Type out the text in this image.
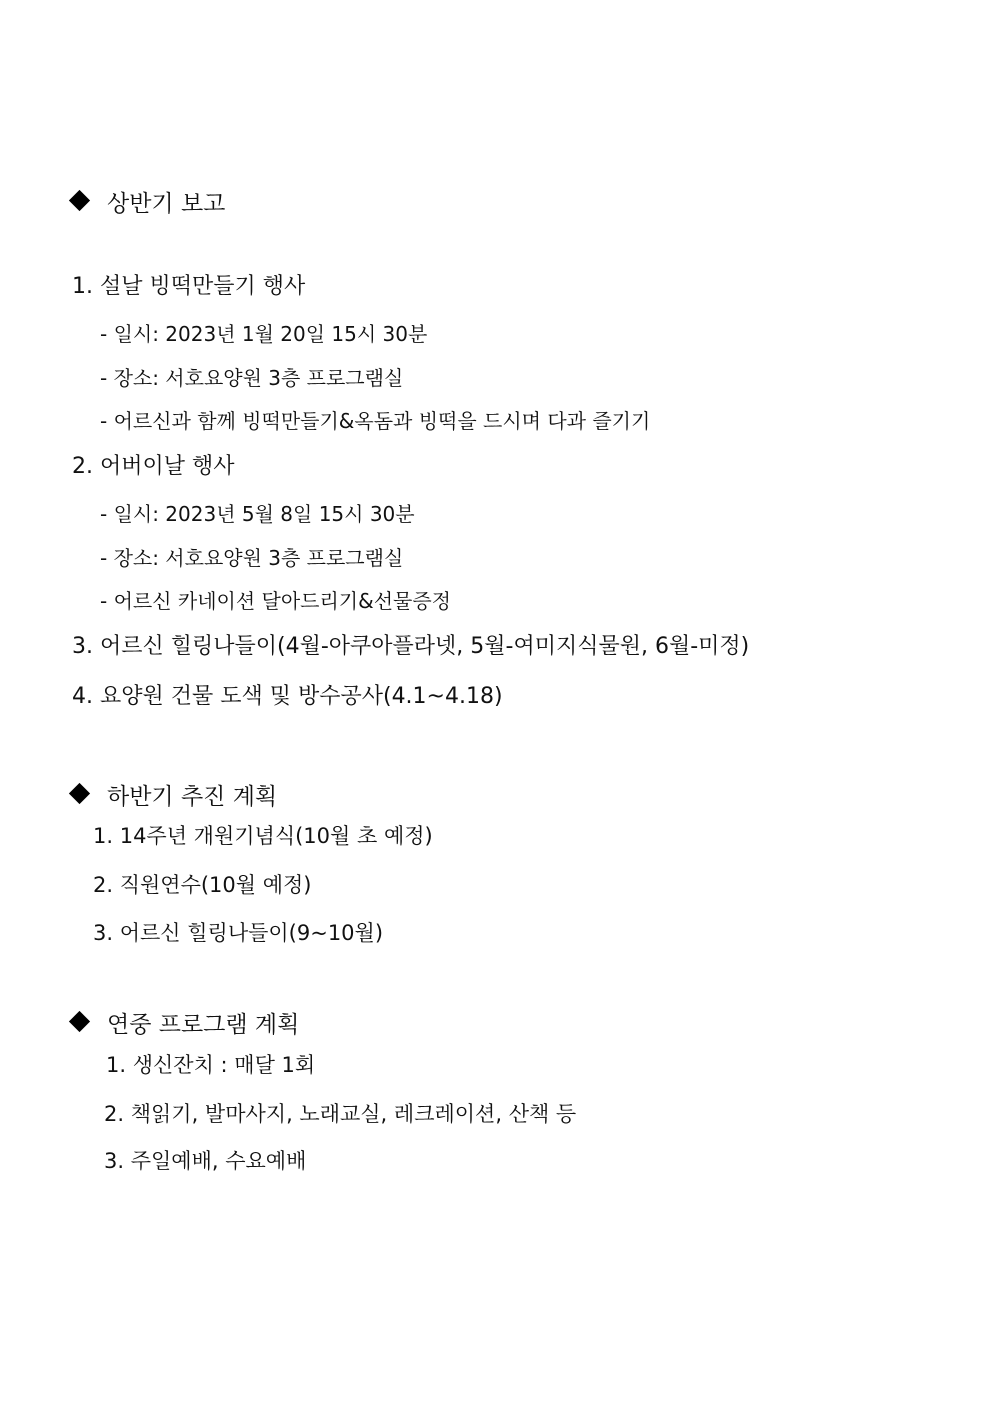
상반기 보고
1. 설날 빙떡만들기 행사
- 일시: 2023년 1월 20일 15시 30분
- 장소: 서호요양원 3층 프로그램실
- 어르신과 함께 빙떡만들기&옥돔과 빙떡을 드시며 다과 즐기기
2. 어버이날 행사
- 일시: 2023년 5월 8일 15시 30분
- 장소: 서호요양원 3층 프로그램실
- 어르신 카네이션 달아드리기&선물증정
3. 어르신 힐링나들이(4월-아쿠아플라넷, 5월-여미지식물원, 6월-미정)
4. 요양원 건물 도색 및 방수공사(4.1~4.18)
하반기 추진 계획
1. 14주년 개원기념식(10월 초 예정)
2. 직원연수(10월 예정)
3. 어르신 힐링나들이(9~10월)
연중 프로그램 계획
1. 생신잔치 : 매달 1회
2. 책읽기, 발마사지, 노래교실, 레크레이션, 산책 등
3. 주일예배, 수요예배
